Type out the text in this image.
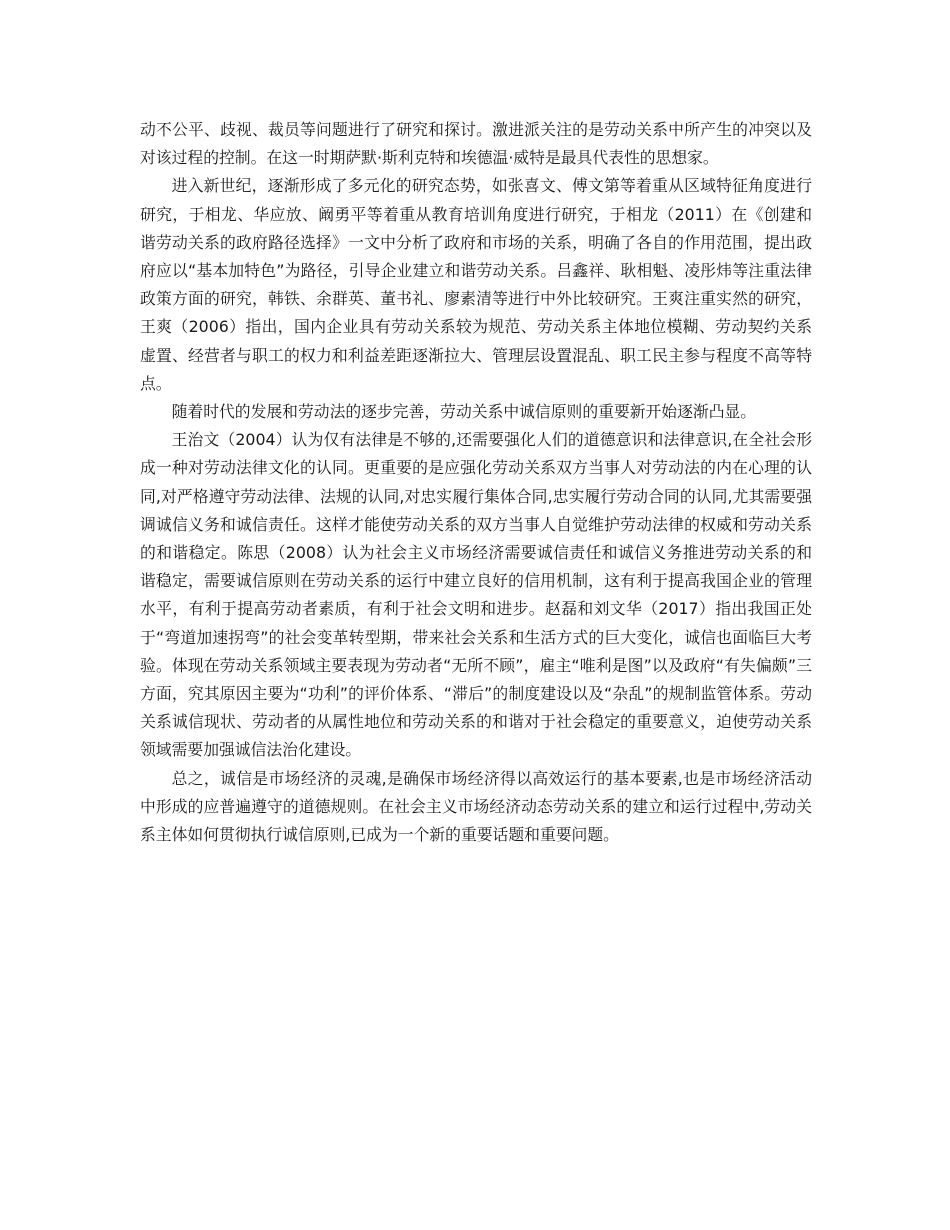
动不公平、歧视、裁员等问题进行了研究和探讨。激进派关注的是劳动关系中所产生的冲突以及对该过程的控制。在这一时期萨默·斯利克特和埃德温·威特是最具代表性的思想家。

进入新世纪，逐渐形成了多元化的研究态势，如张喜文、傅文第等着重从区域特征角度进行研究，于相龙、华应放、阚勇平等着重从教育培训角度进行研究，于相龙（2011）在《创建和谐劳动关系的政府路径选择》一文中分析了政府和市场的关系，明确了各自的作用范围，提出政府应以“基本加特色”为路径，引导企业建立和谐劳动关系。吕鑫祥、耿相魁、凌彤炜等注重法律政策方面的研究，韩铁、余群英、董书礼、廖素清等进行中外比较研究。王爽注重实然的研究，王爽（2006）指出，国内企业具有劳动关系较为规范、劳动关系主体地位模糊、劳动契约关系虚置、经营者与职工的权力和利益差距逐渐拉大、管理层设置混乱、职工民主参与程度不高等特点。

随着时代的发展和劳动法的逐步完善，劳动关系中诚信原则的重要新开始逐渐凸显。

王治文（2004）认为仅有法律是不够的,还需要强化人们的道德意识和法律意识,在全社会形成一种对劳动法律文化的认同。更重要的是应强化劳动关系双方当事人对劳动法的内在心理的认同,对严格遵守劳动法律、法规的认同,对忠实履行集体合同,忠实履行劳动合同的认同,尤其需要强调诚信义务和诚信责任。这样才能使劳动关系的双方当事人自觉维护劳动法律的权威和劳动关系的和谐稳定。陈思（2008）认为社会主义市场经济需要诚信责任和诚信义务推进劳动关系的和谐稳定，需要诚信原则在劳动关系的运行中建立良好的信用机制，这有利于提高我国企业的管理水平，有利于提高劳动者素质，有利于社会文明和进步。赵磊和刘文华（2017）指出我国正处于“弯道加速拐弯”的社会变革转型期，带来社会关系和生活方式的巨大变化，诚信也面临巨大考验。体现在劳动关系领域主要表现为劳动者“无所不顾”，雇主“唯利是图”以及政府“有失偏颇”三方面，究其原因主要为“功利”的评价体系、“滞后”的制度建设以及“杂乱”的规制监管体系。劳动关系诚信现状、劳动者的从属性地位和劳动关系的和谐对于社会稳定的重要意义，迫使劳动关系领域需要加强诚信法治化建设。

总之，诚信是市场经济的灵魂,是确保市场经济得以高效运行的基本要素,也是市场经济活动中形成的应普遍遵守的道德规则。在社会主义市场经济动态劳动关系的建立和运行过程中,劳动关系主体如何贯彻执行诚信原则,已成为一个新的重要话题和重要问题。
